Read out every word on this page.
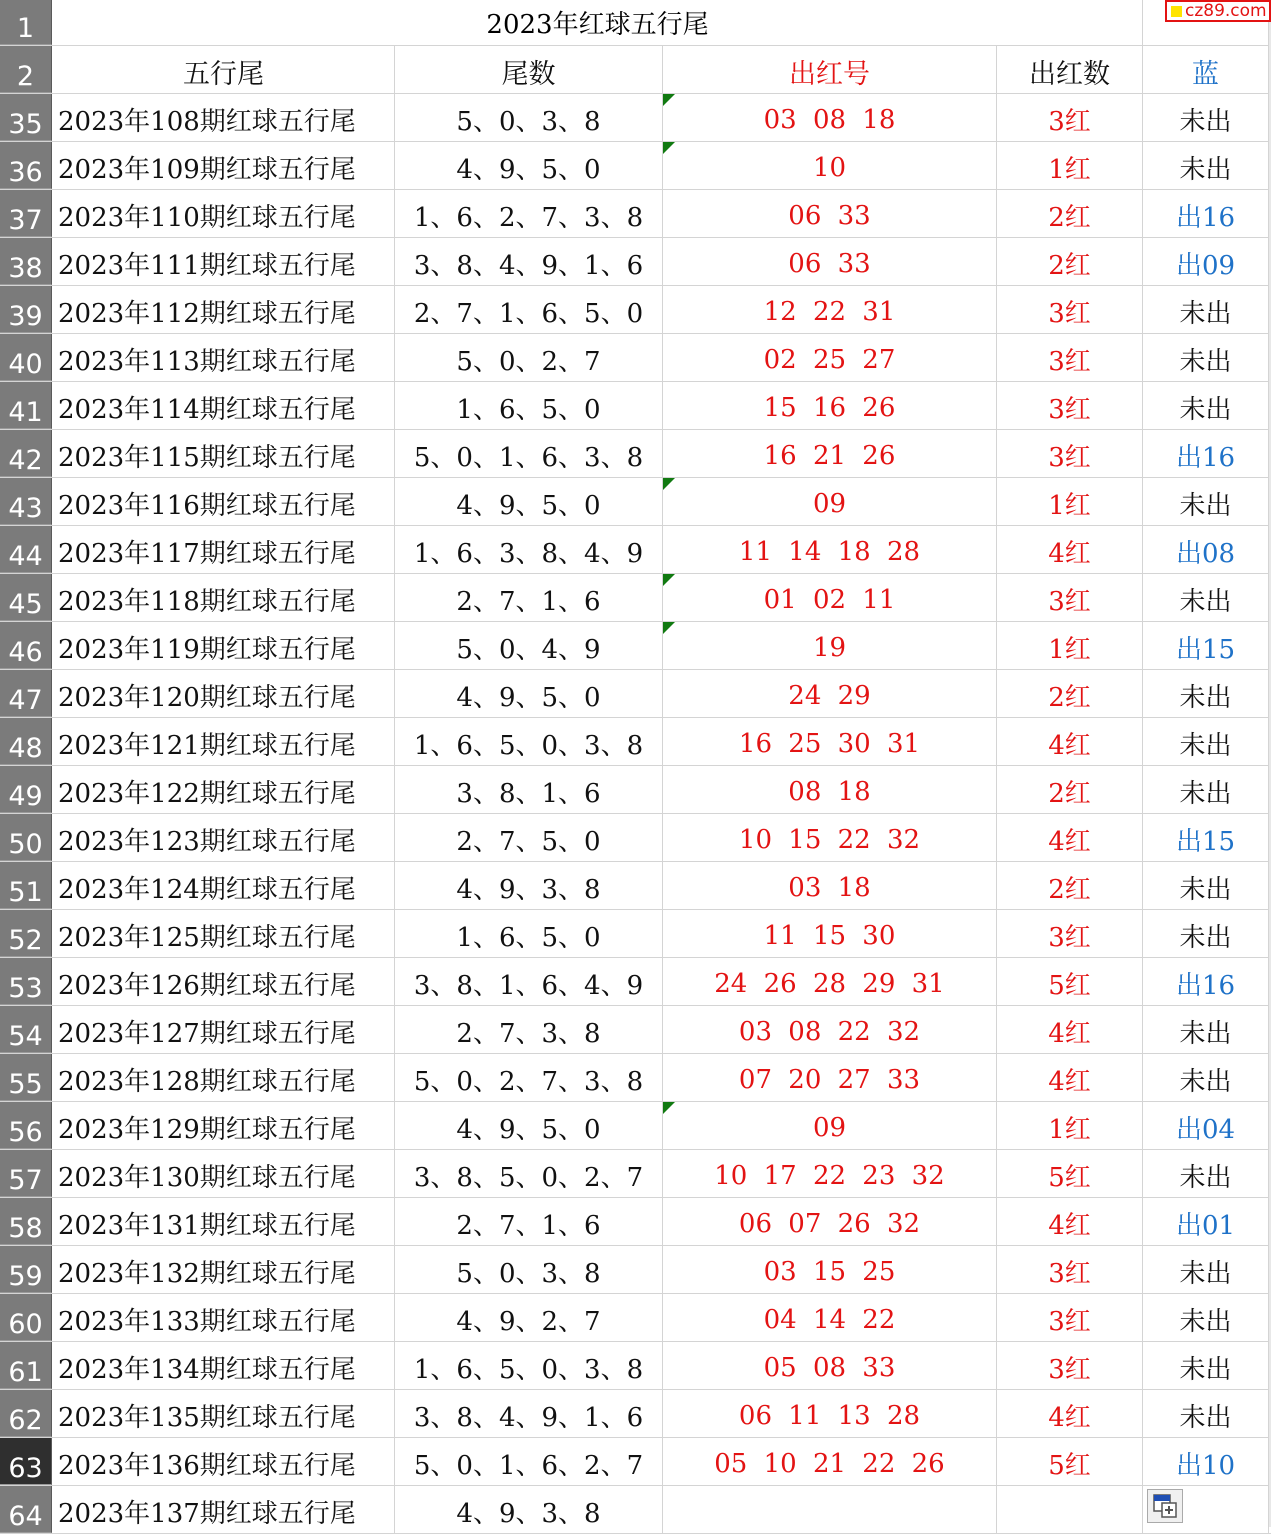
1	2023年红球五行尾
2	五行尾	尾数	出红号	出红数	蓝
35 2023年108期红球五行尾	5、0、3、8	03 08 18	3红	未出
36 2023年109期红球五行尾	4、9、5、0	10	1红	未出
37 2023年110期红球五行尾	1、6、2、7、3、8	06 33	2红	出16
38 2023年111期红球五行尾	3、8、4、9、1、6	06 33	2红	出09
39 2023年112期红球五行尾	2、7、1、6、5、0	12 22 31	3红	未出
40 2023年113期红球五行尾	5、0、2、7	02 25 27	3红	未出
41 2023年114期红球五行尾	1、6、5、0	15 16 26	3红	未出
42 2023年115期红球五行尾	5、0、1、6、3、8	16 21 26	3红	出16
43 2023年116期红球五行尾	4、9、5、0	09	1红	未出
44 2023年117期红球五行尾	1、6、3、8、4、9	11 14 18 28	4红	出08
45 2023年118期红球五行尾	2、7、1、6	01 02 11	3红	未出
46 2023年119期红球五行尾	5、0、4、9	19	1红	出15
47 2023年120期红球五行尾	4、9、5、0	24 29	2红	未出
48 2023年121期红球五行尾	1、6、5、0、3、8	16 25 30 31	4红	未出
49 2023年122期红球五行尾	3、8、1、6	08 18	2红	未出
50 2023年123期红球五行尾	2、7、5、0	10 15 22 32	4红	出15
51 2023年124期红球五行尾	4、9、3、8	03 18	2红	未出
52 2023年125期红球五行尾	1、6、5、0	11 15 30	3红	未出
53 2023年126期红球五行尾	3、8、1、6、4、9	24 26 28 29 31	5红	出16
54 2023年127期红球五行尾	2、7、3、8	03 08 22 32	4红	未出
55 2023年128期红球五行尾	5、0、2、7、3、8	07 20 27 33	4红	未出
56 2023年129期红球五行尾	4、9、5、0	09	1红	出04
57 2023年130期红球五行尾	3、8、5、0、2、7	10 17 22 23 32	5红	未出
58 2023年131期红球五行尾	2、7、1、6	06 07 26 32	4红	出01
59 2023年132期红球五行尾	5、0、3、8	03 15 25	3红	未出
60 2023年133期红球五行尾	4、9、2、7	04 14 22	3红	未出
61 2023年134期红球五行尾	1、6、5、0、3、8	05 08 33	3红	未出
62 2023年135期红球五行尾	3、8、4、9、1、6	06 11 13 28	4红	未出
63 2023年136期红球五行尾	5、0、1、6、2、7	05 10 21 22 26	5红	出10
64 2023年137期红球五行尾	4、9、3、8
cz89.com
